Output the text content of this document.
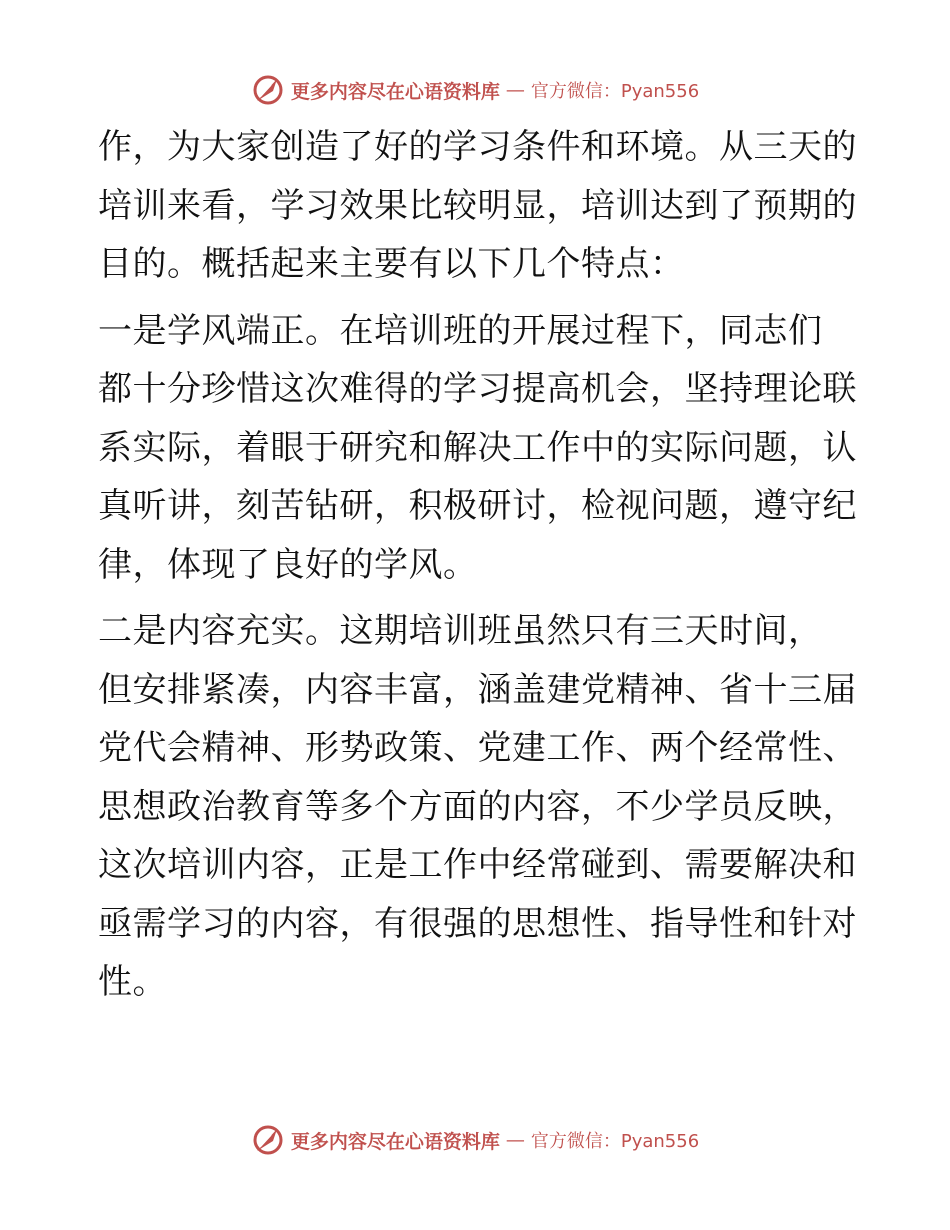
更多内容尽在心语资料库 — 官方微信：Pyan556

作，为大家创造了好的学习条件和环境。从三天的
培训来看，学习效果比较明显，培训达到了预期的
目的。概括起来主要有以下几个特点：

一是学风端正。在培训班的开展过程下，同志们
都十分珍惜这次难得的学习提高机会，坚持理论联
系实际，着眼于研究和解决工作中的实际问题，认
真听讲，刻苦钻研，积极研讨，检视问题，遵守纪
律，体现了良好的学风。

二是内容充实。这期培训班虽然只有三天时间，
但安排紧凑，内容丰富，涵盖建党精神、省十三届
党代会精神、形势政策、党建工作、两个经常性、
思想政治教育等多个方面的内容，不少学员反映，
这次培训内容，正是工作中经常碰到、需要解决和
亟需学习的内容，有很强的思想性、指导性和针对
性。

更多内容尽在心语资料库 — 官方微信：Pyan556
